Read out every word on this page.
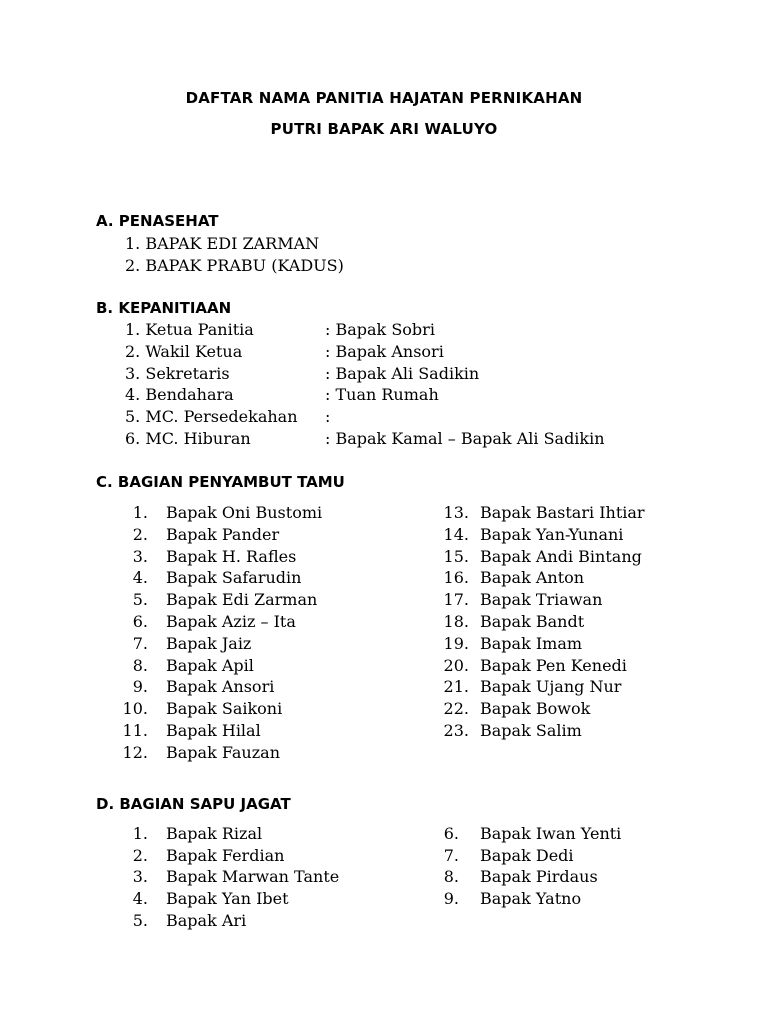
DAFTAR NAMA PANITIA HAJATAN PERNIKAHAN
PUTRI BAPAK ARI WALUYO
A. PENASEHAT
1. BAPAK EDI ZARMAN
2. BAPAK PRABU (KADUS)
B. KEPANITIAAN
1. Ketua Panitia	: Bapak Sobri
2. Wakil Ketua	: Bapak Ansori
3. Sekretaris	: Bapak Ali Sadikin
4. Bendahara	: Tuan Rumah
5. MC. Persedekahan :
6. MC. Hiburan	: Bapak Kamal – Bapak Ali Sadikin
C. BAGIAN PENYAMBUT TAMU
1. Bapak Oni Bustomi
2. Bapak Pander
3. Bapak H. Rafles
4. Bapak Safarudin
5. Bapak Edi Zarman
6. Bapak Aziz – Ita
7. Bapak Jaiz
8. Bapak Apil
9. Bapak Ansori
10. Bapak Saikoni
11. Bapak Hilal
12. Bapak Fauzan
13. Bapak Bastari Ihtiar
14. Bapak Yan-Yunani
15. Bapak Andi Bintang
16. Bapak Anton
17. Bapak Triawan
18. Bapak Bandt
19. Bapak Imam
20. Bapak Pen Kenedi
21. Bapak Ujang Nur
22. Bapak Bowok
23. Bapak Salim
D. BAGIAN SAPU JAGAT
1. Bapak Rizal
2. Bapak Ferdian
3. Bapak Marwan Tante
4. Bapak Yan Ibet
5. Bapak Ari
6. Bapak Iwan Yenti
7. Bapak Dedi
8. Bapak Pirdaus
9. Bapak Yatno
